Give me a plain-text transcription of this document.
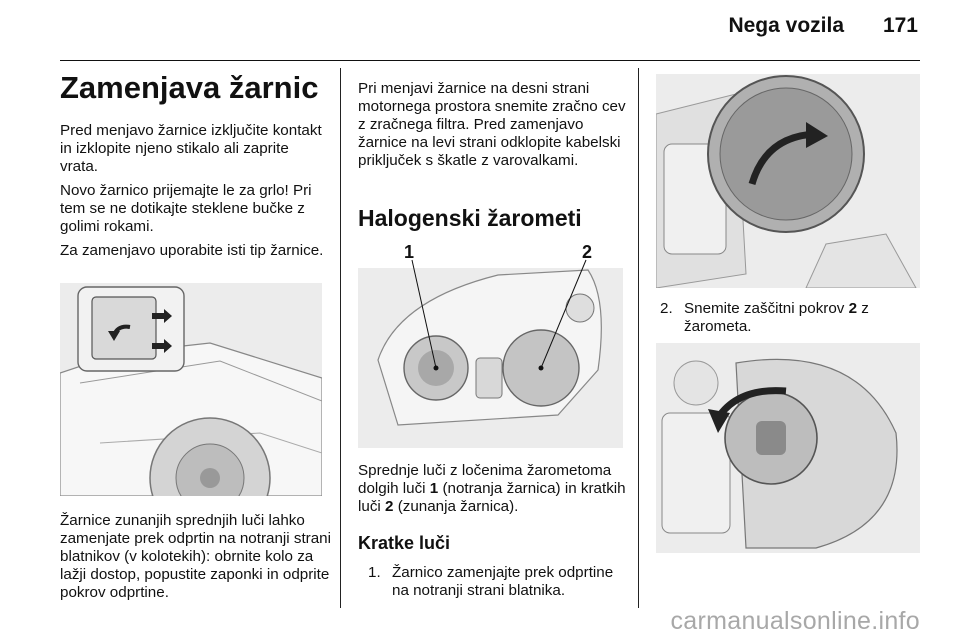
Nega vozila 171
Zamenjava žarnic

Pred menjavo žarnice izključite kontakt in izklopite njeno stikalo ali zaprite vrata.

Novo žarnico prijemajte le za grlo! Pri tem se ne dotikajte steklene bučke z golimi rokami.

Za zamenjavo uporabite isti tip žarnice.

Žarnice zunanjih sprednjih luči lahko zamenjate prek odprtin na notranji strani blatnikov (v kolotekih): obrnite kolo za lažji dostop, popustite zaponki in odprite pokrov odprtine.

Pri menjavi žarnice na desni strani motornega prostora snemite zračno cev z zračnega filtra. Pred zamenjavo žarnice na levi strani odklopite kabelski priključek s škatle z varovalkami.

Halogenski žarometi
1	2

Sprednje luči z ločenima žarometoma dolgih luči 1 (notranja žarnica) in kratkih luči 2 (zunanja žarnica).

Kratke luči
1. Žarnico zamenjajte prek odprtine na notranji strani blatnika.
2. Snemite zaščitni pokrov 2 z žarometa.
carmanualsonline.info
